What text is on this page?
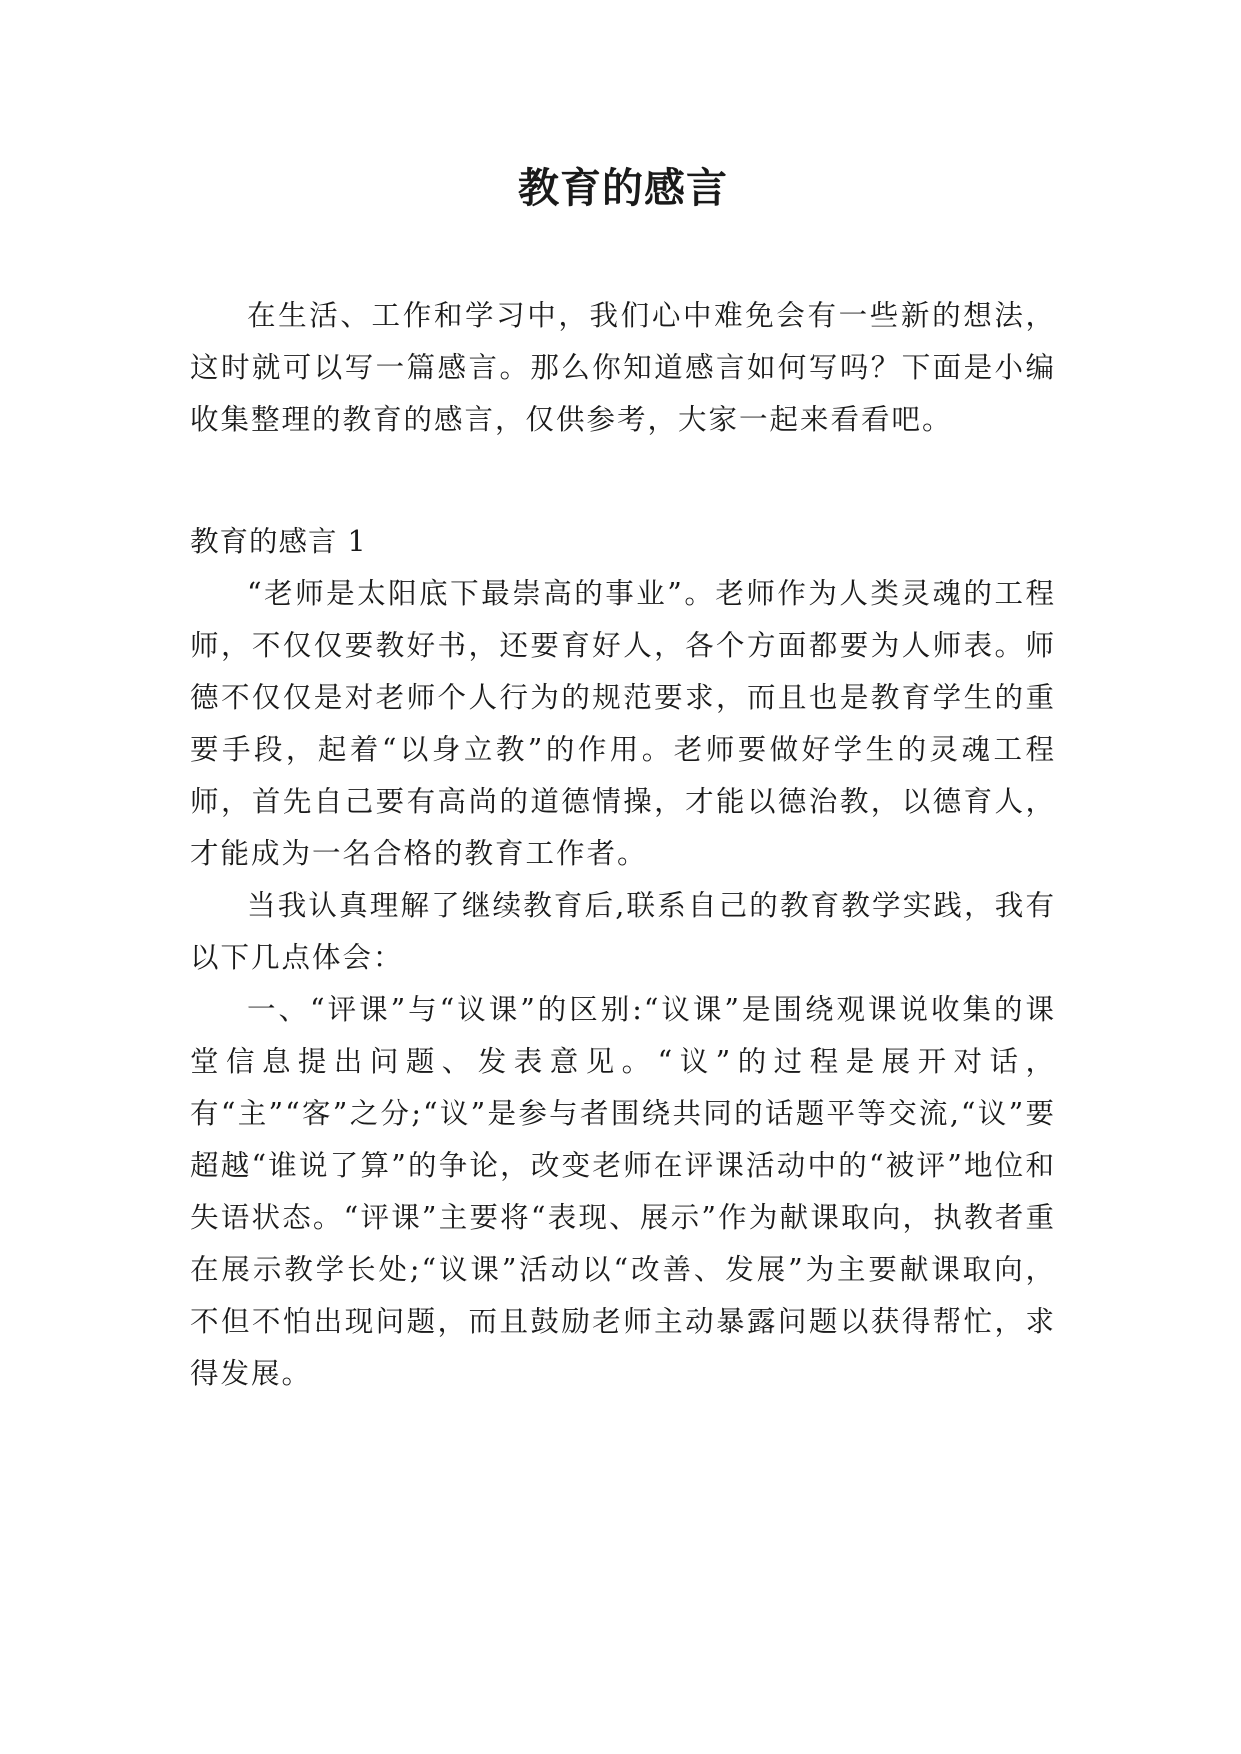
教育的感言

在生活、工作和学习中，我们心中难免会有一些新的想法，这时就可以写一篇感言。那么你知道感言如何写吗？下面是小编收集整理的教育的感言，仅供参考，大家一起来看看吧。

教育的感言 1

“老师是太阳底下最崇高的事业”。老师作为人类灵魂的工程师，不仅仅要教好书，还要育好人，各个方面都要为人师表。师德不仅仅是对老师个人行为的规范要求，而且也是教育学生的重要手段，起着“以身立教”的作用。老师要做好学生的灵魂工程师，首先自己要有高尚的道德情操，才能以德治教，以德育人，才能成为一名合格的教育工作者。

当我认真理解了继续教育后,联系自己的教育教学实践，我有以下几点体会：

一、“评课”与“议课”的区别:“议课”是围绕观课说收集的课堂信息提出问题、发表意见。“议”的过程是展开对话，有“主”“客”之分;“议”是参与者围绕共同的话题平等交流,“议”要超越“谁说了算”的争论，改变老师在评课活动中的“被评”地位和失语状态。“评课”主要将“表现、展示”作为献课取向，执教者重在展示教学长处;“议课”活动以“改善、发展”为主要献课取向，不但不怕出现问题，而且鼓励老师主动暴露问题以获得帮忙，求得发展。
